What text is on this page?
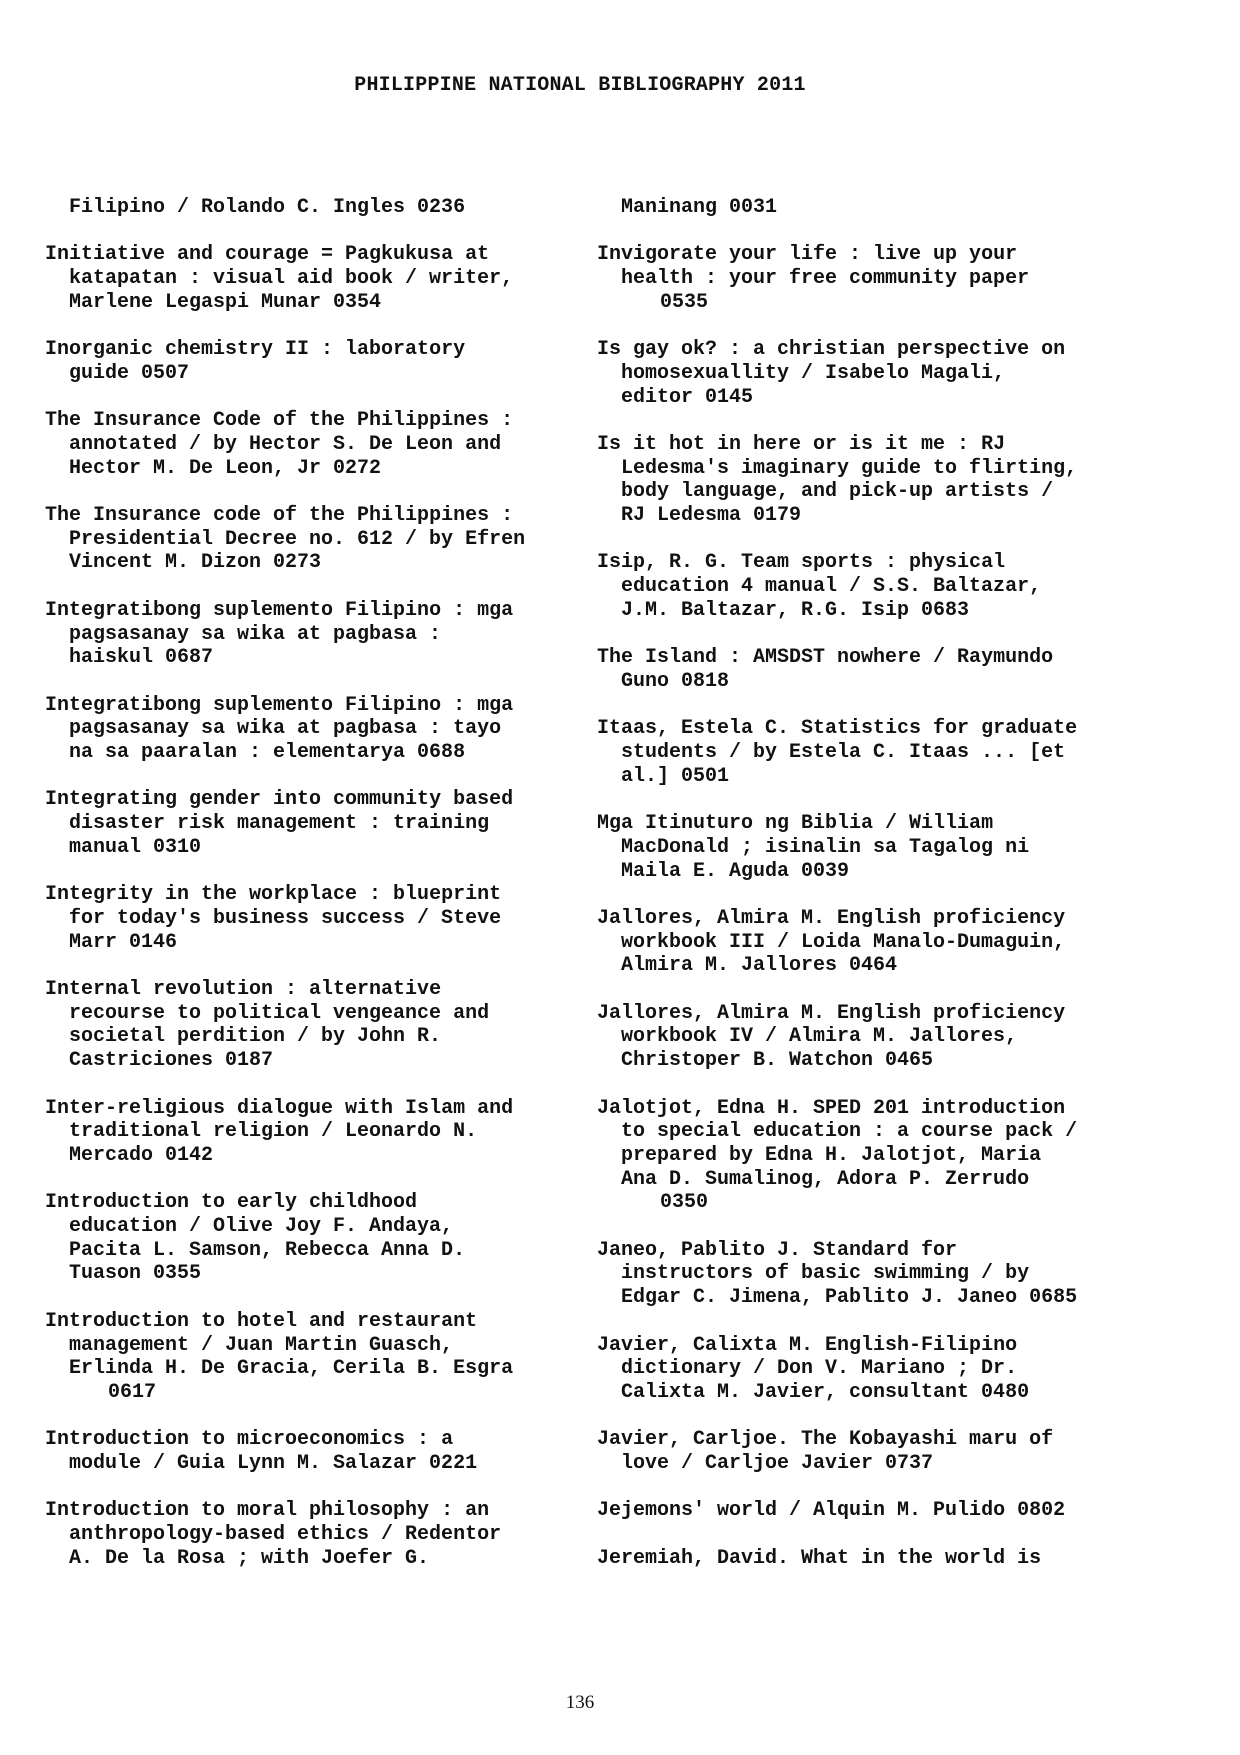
PHILIPPINE NATIONAL BIBLIOGRAPHY 2011
Filipino / Rolando C. Ingles 0236
Initiative and courage = Pagkukusa at
katapatan : visual aid book / writer,
Marlene Legaspi Munar 0354
Inorganic chemistry II : laboratory
guide 0507
The Insurance Code of the Philippines :
annotated / by Hector S. De Leon and
Hector M. De Leon, Jr 0272
The Insurance code of the Philippines :
Presidential Decree no. 612 / by Efren
Vincent M. Dizon 0273
Integratibong suplemento Filipino : mga
pagsasanay sa wika at pagbasa :
haiskul 0687
Integratibong suplemento Filipino : mga
pagsasanay sa wika at pagbasa : tayo
na sa paaralan : elementarya 0688
Integrating gender into community based
disaster risk management : training
manual 0310
Integrity in the workplace : blueprint
for today's business success / Steve
Marr 0146
Internal revolution : alternative
recourse to political vengeance and
societal perdition / by John R.
Castriciones 0187
Inter-religious dialogue with Islam and
traditional religion / Leonardo N.
Mercado 0142
Introduction to early childhood
education / Olive Joy F. Andaya,
Pacita L. Samson, Rebecca Anna D.
Tuason 0355
Introduction to hotel and restaurant
management / Juan Martin Guasch,
Erlinda H. De Gracia, Cerila B. Esgra
0617
Introduction to microeconomics : a
module / Guia Lynn M. Salazar 0221
Introduction to moral philosophy : an
anthropology-based ethics / Redentor
A. De la Rosa ; with Joefer G.
Maninang 0031
Invigorate your life : live up your
health : your free community paper
0535
Is gay ok? : a christian perspective on
homosexuallity / Isabelo Magali,
editor 0145
Is it hot in here or is it me : RJ
Ledesma's imaginary guide to flirting,
body language, and pick-up artists /
RJ Ledesma 0179
Isip, R. G. Team sports : physical
education 4 manual / S.S. Baltazar,
J.M. Baltazar, R.G. Isip 0683
The Island : AMSDST nowhere / Raymundo
Guno 0818
Itaas, Estela C. Statistics for graduate
students / by Estela C. Itaas ... [et
al.] 0501
Mga Itinuturo ng Biblia / William
MacDonald ; isinalin sa Tagalog ni
Maila E. Aguda 0039
Jallores, Almira M. English proficiency
workbook III / Loida Manalo-Dumaguin,
Almira M. Jallores 0464
Jallores, Almira M. English proficiency
workbook IV / Almira M. Jallores,
Christoper B. Watchon 0465
Jalotjot, Edna H. SPED 201 introduction
to special education : a course pack /
prepared by Edna H. Jalotjot, Maria
Ana D. Sumalinog, Adora P. Zerrudo
0350
Janeo, Pablito J. Standard for
instructors of basic swimming / by
Edgar C. Jimena, Pablito J. Janeo 0685
Javier, Calixta M. English-Filipino
dictionary / Don V. Mariano ; Dr.
Calixta M. Javier, consultant 0480
Javier, Carljoe. The Kobayashi maru of
love / Carljoe Javier 0737
Jejemons' world / Alquin M. Pulido 0802
Jeremiah, David. What in the world is
136
